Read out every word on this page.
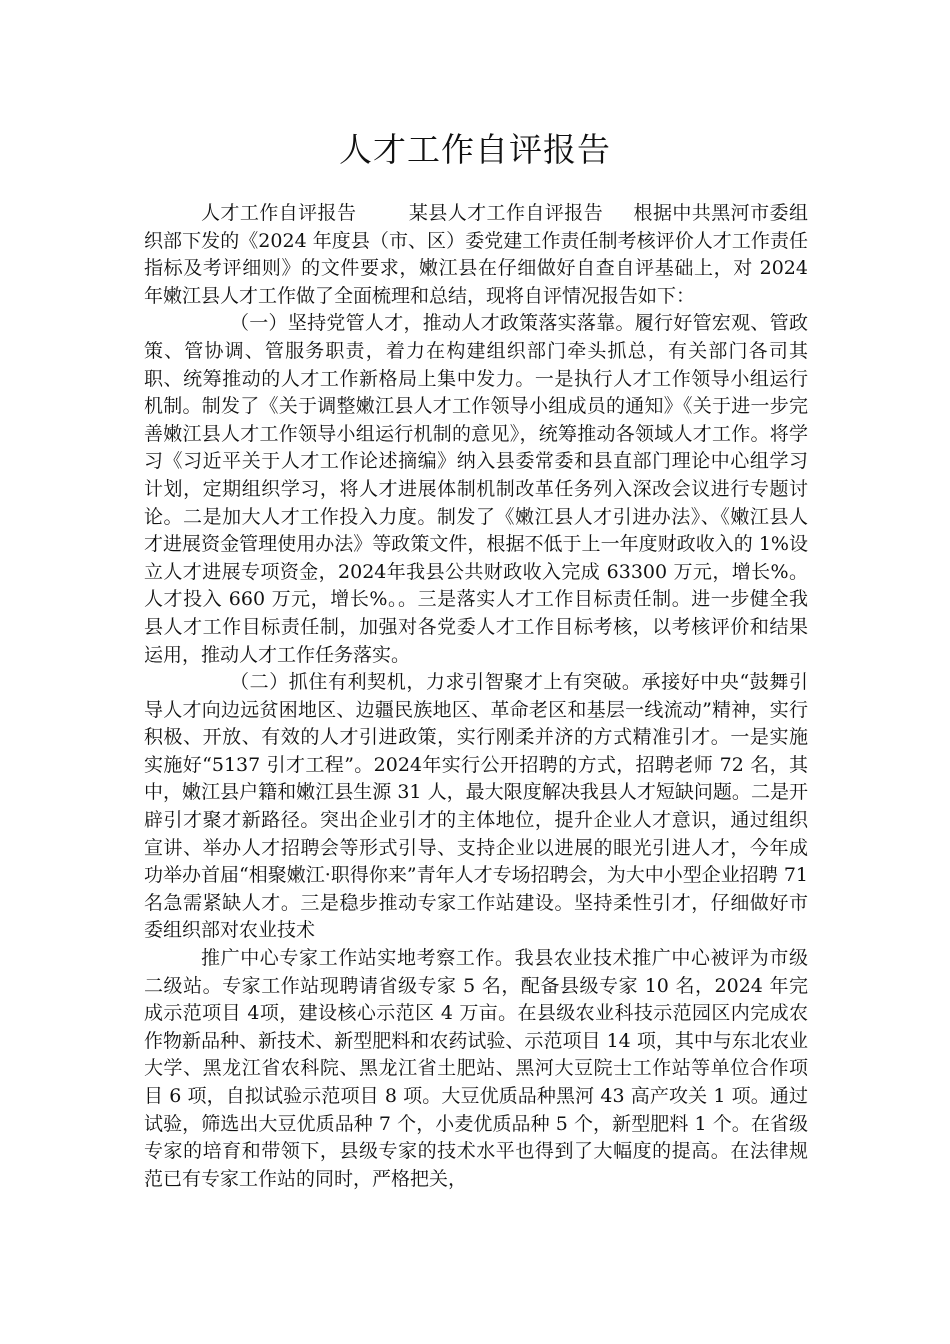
人才工作自评报告

人才工作自评报告	某县人才工作自评报告 根据中共黑河市委组织部下发的《2024 年度县（市、区）委党建工作责任制考核评价人才工作责任指标及考评细则》的文件要求，嫩江县在仔细做好自查自评基础上，对 2024 年嫩江县人才工作做了全面梳理和总结，现将自评情况报告如下：

（一）坚持党管人才，推动人才政策落实落靠。履行好管宏观、管政策、管协调、管服务职责，着力在构建组织部门牵头抓总，有关部门各司其职、统筹推动的人才工作新格局上集中发力。一是执行人才工作领导小组运行机制。制发了《关于调整嫩江县人才工作领导小组成员的通知》《关于进一步完善嫩江县人才工作领导小组运行机制的意见》，统筹推动各领域人才工作。将学习《习近平关于人才工作论述摘编》纳入县委常委和县直部门理论中心组学习计划，定期组织学习，将人才进展体制机制改革任务列入深改会议进行专题讨论。二是加大人才工作投入力度。制发了《嫩江县人才引进办法》、《嫩江县人才进展资金管理使用办法》等政策文件，根据不低于上一年度财政收入的 1%设立人才进展专项资金，2024年我县公共财政收入完成 63300 万元，增长%。人才投入 660 万元，增长%。。三是落实人才工作目标责任制。进一步健全我县人才工作目标责任制，加强对各党委人才工作目标考核，以考核评价和结果运用，推动人才工作任务落实。

（二）抓住有利契机，力求引智聚才上有突破。承接好中央“鼓舞引导人才向边远贫困地区、边疆民族地区、革命老区和基层一线流动”精神，实行积极、开放、有效的人才引进政策，实行刚柔并济的方式精准引才。一是实施实施好“5137 引才工程”。2024年实行公开招聘的方式，招聘老师 72 名，其中，嫩江县户籍和嫩江县生源 31 人，最大限度解决我县人才短缺问题。二是开辟引才聚才新路径。突出企业引才的主体地位，提升企业人才意识，通过组织宣讲、举办人才招聘会等形式引导、支持企业以进展的眼光引进人才，今年成功举办首届“相聚嫩江·职得你来”青年人才专场招聘会，为大中小型企业招聘 71 名急需紧缺人才。三是稳步推动专家工作站建设。坚持柔性引才，仔细做好市委组织部对农业技术

推广中心专家工作站实地考察工作。我县农业技术推广中心被评为市级二级站。专家工作站现聘请省级专家 5 名，配备县级专家 10 名，2024 年完成示范项目 4项，建设核心示范区 4 万亩。在县级农业科技示范园区内完成农作物新品种、新技术、新型肥料和农药试验、示范项目 14 项，其中与东北农业大学、黑龙江省农科院、黑龙江省土肥站、黑河大豆院士工作站等单位合作项目 6 项，自拟试验示范项目 8 项。大豆优质品种黑河 43 高产攻关 1 项。通过试验，筛选出大豆优质品种 7 个，小麦优质品种 5 个，新型肥料 1 个。在省级专家的培育和带领下，县级专家的技术水平也得到了大幅度的提高。在法律规范已有专家工作站的同时，严格把关，
